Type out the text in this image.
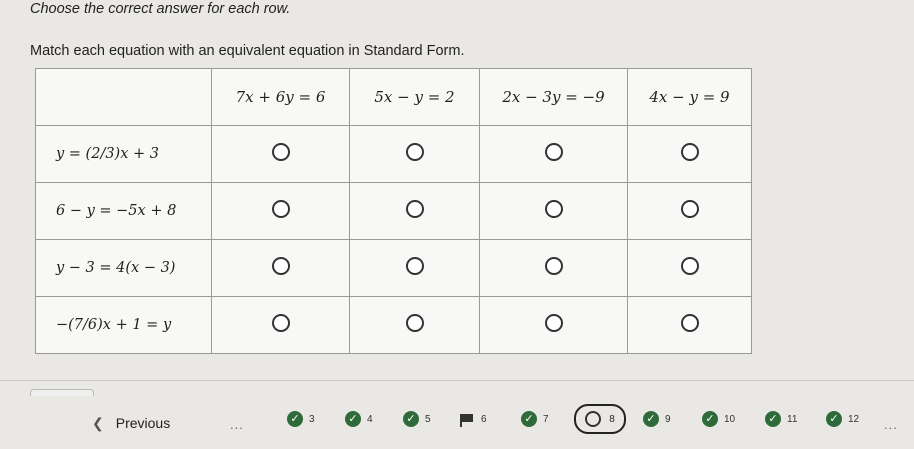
Choose the correct answer for each row.
Match each equation with an equivalent equation in Standard Form.
	7x + 6y = 6	5x − y = 2	2x − 3y = −9	4x − y = 9
y = (2/3)x + 3				
6 − y = −5x + 8				
y − 3 = 4(x − 3)				
−(7/6)x + 1 = y				
❮ Previous	...	✓ 3	✓ 4	✓ 5	6	✓ 7	8	✓ 9	✓ 10	✓ 11	✓ 12 ...
